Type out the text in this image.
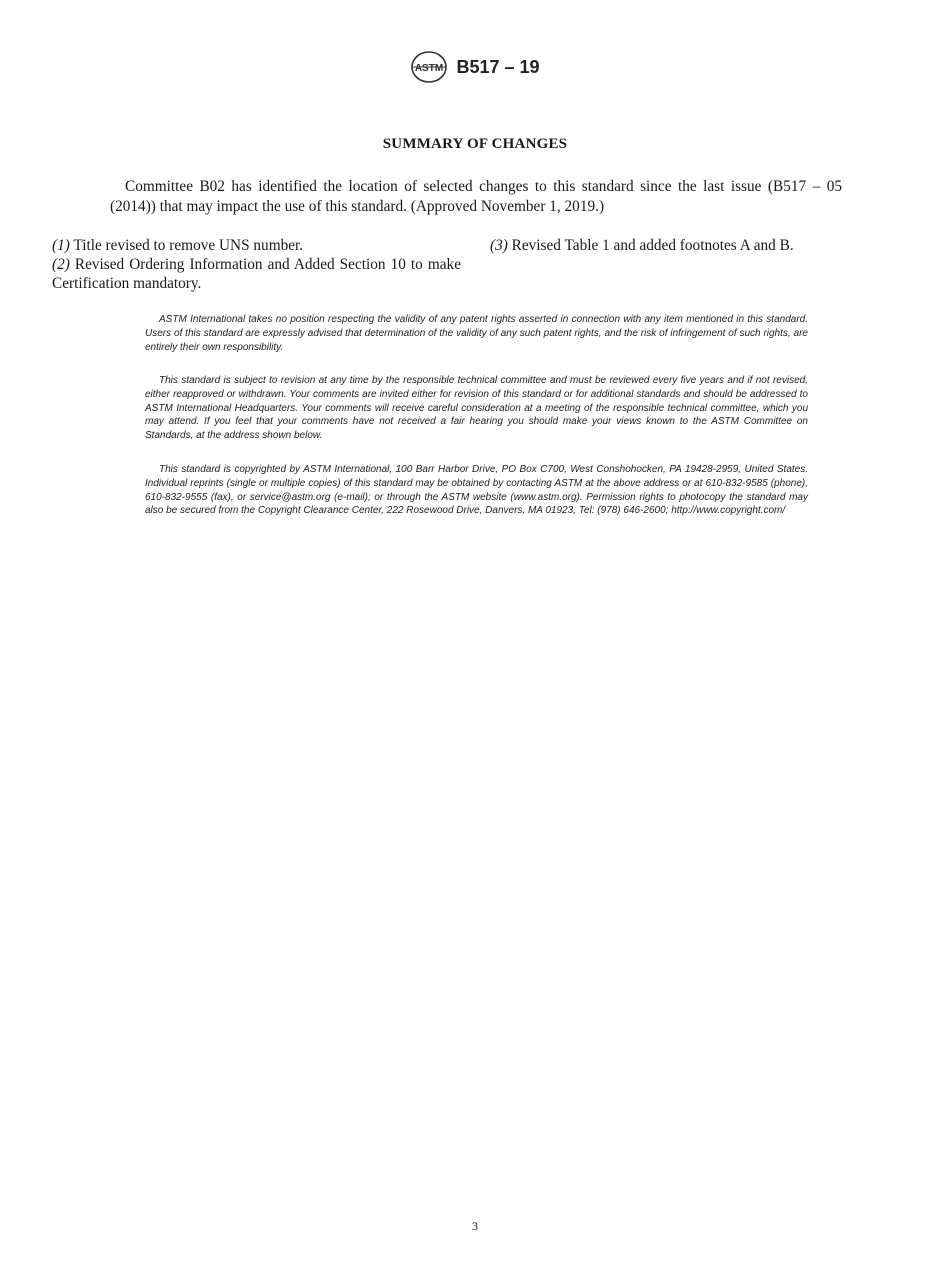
ASTM B517 – 19
SUMMARY OF CHANGES

Committee B02 has identified the location of selected changes to this standard since the last issue (B517 – 05 (2014)) that may impact the use of this standard. (Approved November 1, 2019.)

(1) Title revised to remove UNS number.

(2) Revised Ordering Information and Added Section 10 to make Certification mandatory.

(3) Revised Table 1 and added footnotes A and B.

ASTM International takes no position respecting the validity of any patent rights asserted in connection with any item mentioned in this standard. Users of this standard are expressly advised that determination of the validity of any such patent rights, and the risk of infringement of such rights, are entirely their own responsibility.

This standard is subject to revision at any time by the responsible technical committee and must be reviewed every five years and if not revised, either reapproved or withdrawn. Your comments are invited either for revision of this standard or for additional standards and should be addressed to ASTM International Headquarters. Your comments will receive careful consideration at a meeting of the responsible technical committee, which you may attend. If you feel that your comments have not received a fair hearing you should make your views known to the ASTM Committee on Standards, at the address shown below.

This standard is copyrighted by ASTM International, 100 Barr Harbor Drive, PO Box C700, West Conshohocken, PA 19428-2959, United States. Individual reprints (single or multiple copies) of this standard may be obtained by contacting ASTM at the above address or at 610-832-9585 (phone), 610-832-9555 (fax), or service@astm.org (e-mail); or through the ASTM website (www.astm.org). Permission rights to photocopy the standard may also be secured from the Copyright Clearance Center, 222 Rosewood Drive, Danvers, MA 01923, Tel: (978) 646-2600; http://www.copyright.com/

3
